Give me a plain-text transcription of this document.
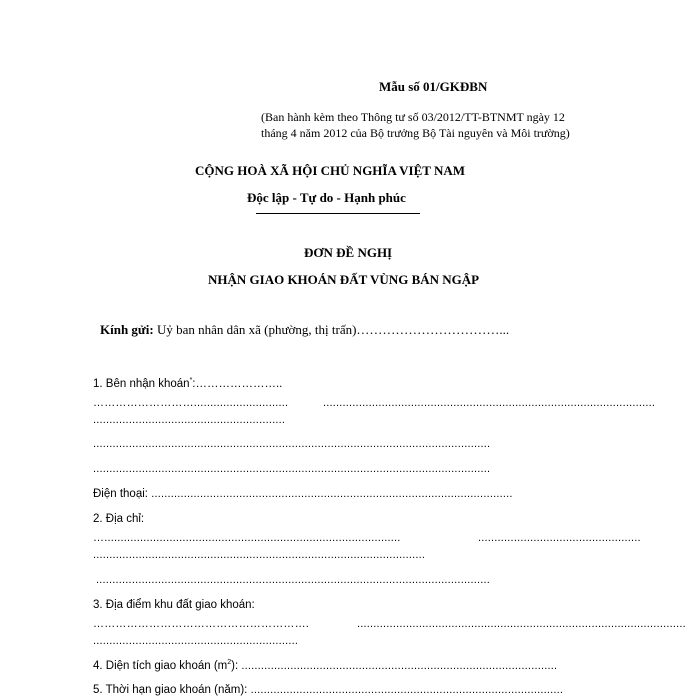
Mẫu số 01/GKĐBN
(Ban hành kèm theo Thông tư số 03/2012/TT-BTNMT ngày 12
tháng 4 năm 2012 của Bộ trưởng Bộ Tài nguyên và Môi trường)
CỘNG HOÀ XÃ HỘI CHỦ NGHĨA VIỆT NAM
Độc lập - Tự do - Hạnh phúc
ĐƠN ĐỀ NGHỊ
NHẬN GIAO KHOÁN ĐẤT VÙNG BÁN NGẬP
Kính gửi: Uỷ ban nhân dân xã (phường, thị trấn)……………………………...
1. Bên nhận khoán*:…………………..
……………………….............................	......................................................................................................
...........................................................
..........................................................................................................................
..........................................................................................................................
Điện thoại: ...............................................................................................................
2. Địa chỉ:
…...........................................................................................	..................................................
......................................................................................................
.........................................................................................................................
3. Địa điểm khu đất giao khoán:
………………………………………………….	.....................................................................................................
...............................................................
4. Diện tích giao khoán $(m^2)$: .................................................................................................
5. Thời hạn giao khoán (năm): ................................................................................................
